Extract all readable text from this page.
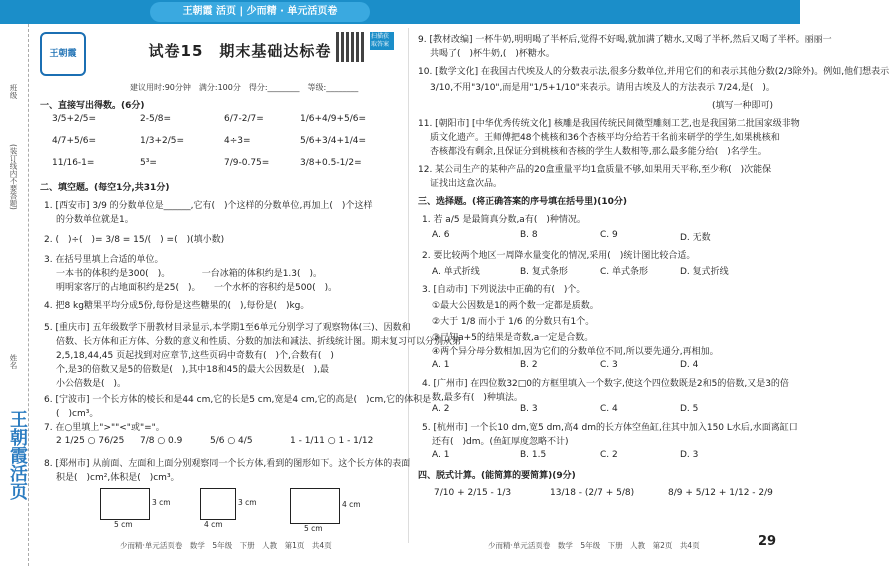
王朝霞 活页 | 少而精 · 单元活页卷
(装订线内不要答题)
班级
姓名
王朝霞活页
王朝霞	试卷15　期末基础达标卷
扫描获取答案
建议用时:90分钟　满分:100分　得分:________　等级:________
一、直接写出得数。(6分)
3/5+2/5=	2-5/8=	6/7-2/7=	1/6+4/9+5/6=
4/7+5/6=	1/3+2/5=	4÷3=	5/6+3/4+1/4=
11/16-1=	5³=	7/9-0.75=	3/8+0.5-1/2=
二、填空题。(每空1分,共31分)
1. [西安市] 3/9 的分数单位是______,它有(　)个这样的分数单位,再加上(　)个这样
的分数单位就是1。
2. (　)÷(　)= 3/8 = 15/(　) =(　)(填小数)
3. 在括号里填上合适的单位。
一本书的体积约是300(　)。　　　　一台冰箱的体积约是1.3(　)。
明明家客厅的占地面积约是25(　)。　　一个水杯的容积约是500(　)。
4. 把8 kg糖果平均分成5份,每份是这些糖果的(　),每份是(　)kg。
5. [重庆市] 五年级数学下册教材目录显示,本学期1至6单元分别学习了观察物体(三)、因数和
倍数、长方体和正方体、分数的意义和性质、分数的加法和减法、折线统计图。期末复习可以分别从第
2,5,18,44,45 页起找到对应章节,这些页码中奇数有(　)个,合数有(　)
个,是3的倍数又是5的倍数是(　),其中18和45的最大公因数是(　),最
小公倍数是(　)。
6. [宁波市] 一个长方体的棱长和是44 cm,它的长是5 cm,宽是4 cm,它的高是(　)cm,它的体积是
(　)cm³。
7. 在○里填上">""<"或"="。
2 1/25 ○ 76/25 7/8 ○ 0.9	5/6 ○ 4/5	1 - 1/11 ○ 1 - 1/12
8. [郑州市] 从前面、左面和上面分别观察同一个长方体,看到的图形如下。这个长方体的表面
积是(　)cm²,体积是(　)cm³。
3 cm
5 cm
3 cm
4 cm
4 cm
5 cm
9. [教材改编] 一杯牛奶,明明喝了半杯后,觉得不好喝,就加满了糖水,又喝了半杯,然后又喝了半杯。丽丽一
共喝了(　)杯牛奶,(　)杯糖水。
10. [数学文化] 在我国古代埃及人的分数表示法,很多分数单位,并用它们的和表示其他分数(2/3除外)。例如,他们想表示
3/10,不用"3/10",而是用"1/5+1/10"来表示。请用古埃及人的方法表示 7/24,是(　)。
(填写一种即可)
11. [朝阳市] [中华优秀传统文化] 核雕是我国传统民间微型雕刻工艺,也是我国第二批国家级非物
质文化遗产。王师傅把48个桃核和36个杏核平均分给若干名前来研学的学生,如果桃核和
杏核都没有剩余,且保证分到桃核和杏核的学生人数相等,那么最多能分给(　)名学生。
12. 某公司生产的某种产品的20盒重量平均1盒质量不够,如果用天平称,至少称(　)次能保
证找出这盒次品。
三、选择题。(将正确答案的序号填在括号里)(10分)
1. 若 a/5 是最简真分数,a有(　)种情况。
A. 6	B. 8	C. 9	D. 无数
2. 要比较两个地区一周降水量变化的情况,采用(　)统计图比较合适。
A. 单式折线	B. 复式条形	C. 单式条形	D. 复式折线
3. [自动市] 下列说法中正确的有(　)个。
①最大公因数是1的两个数一定都是质数。
②大于 1/8 而小于 1/6 的分数只有1个。
③已知a+5的结果是奇数,a一定是合数。
④两个异分母分数相加,因为它们的分数单位不同,所以要先通分,再相加。
A. 1	B. 2	C. 3	D. 4
4. [广州市] 在四位数32□0的方框里填入一个数字,使这个四位数既是2和5的倍数,又是3的倍
数,最多有(　)种填法。
A. 2	B. 3	C. 4	D. 5
5. [杭州市] 一个长10 dm,宽5 dm,高4 dm的长方体空鱼缸,往其中加入150 L水后,水面离缸口
还有(　)dm。(鱼缸厚度忽略不计)
A. 1	B. 1.5	C. 2	D. 3
四、脱式计算。(能简算的要简算)(9分)
7/10 + 2/15 - 1/3	13/18 - (2/7 + 5/8)	8/9 + 5/12 + 1/12 - 2/9
少而精·单元活页卷　数学　5年级　下册　人教　第1页　共4页	少而精·单元活页卷　数学　5年级　下册　人教　第2页　共4页	29
